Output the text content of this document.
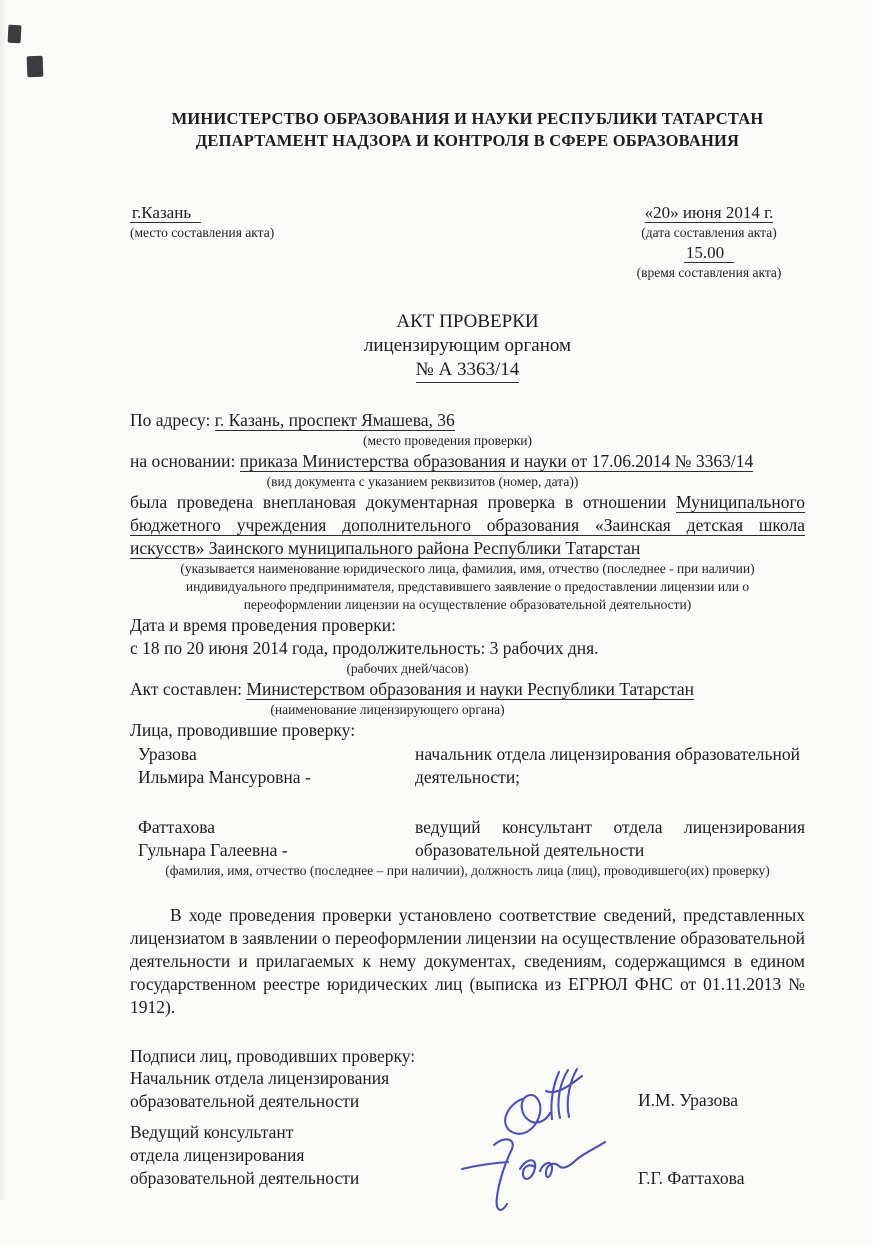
МИНИСТЕРСТВО ОБРАЗОВАНИЯ И НАУКИ РЕСПУБЛИКИ ТАТАРСТАН
ДЕПАРТАМЕНТ НАДЗОРА И КОНТРОЛЯ В СФЕРЕ ОБРАЗОВАНИЯ
г.Казань
(место составления акта)
«20» июня 2014 г.
(дата составления акта)
15.00
(время составления акта)
АКТ ПРОВЕРКИ
лицензирующим органом
№ А 3363/14

По адресу: г. Казань, проспект Ямашева, 36

(место проведения проверки)

на основании: приказа Министерства образования и науки от 17.06.2014 № 3363/14

(вид документа с указанием реквизитов (номер, дата))

была проведена внеплановая документарная проверка в отношении Муниципального бюджетного учреждения дополнительного образования «Заинская детская школа искусств» Заинского муниципального района Республики Татарстан

(указывается наименование юридического лица, фамилия, имя, отчество (последнее - при наличии)
индивидуального предпринимателя, представившего заявление о предоставлении лицензии или о
переоформлении лицензии на осуществление образовательной деятельности)

Дата и время проведения проверки:

с 18 по 20 июня 2014 года, продолжительность: 3 рабочих дня.

(рабочих дней/часов)

Акт составлен: Министерством образования и науки Республики Татарстан

(наименование лицензирующего органа)

Лица, проводившие проверку:

Уразова
Ильмира Мансуровна -
начальник отдела лицензирования образовательной деятельности;
Фаттахова
Гульнара Галеевна -
ведущий консультант отдела лицензирования образовательной деятельности

(фамилия, имя, отчество (последнее – при наличии), должность лица (лиц), проводившего(их) проверку)

В ходе проведения проверки установлено соответствие сведений, представленных лицензиатом в заявлении о переоформлении лицензии на осуществление образовательной деятельности и прилагаемых к нему документах, сведениям, содержащимся в едином государственном реестре юридических лиц (выписка из ЕГРЮЛ ФНС от 01.11.2013 № 1912).

Подписи лиц, проводивших проверку:
Начальник отдела лицензирования
образовательной деятельности	И.М. Уразова
Ведущий консультант
отдела лицензирования
образовательной деятельности	Г.Г. Фаттахова
